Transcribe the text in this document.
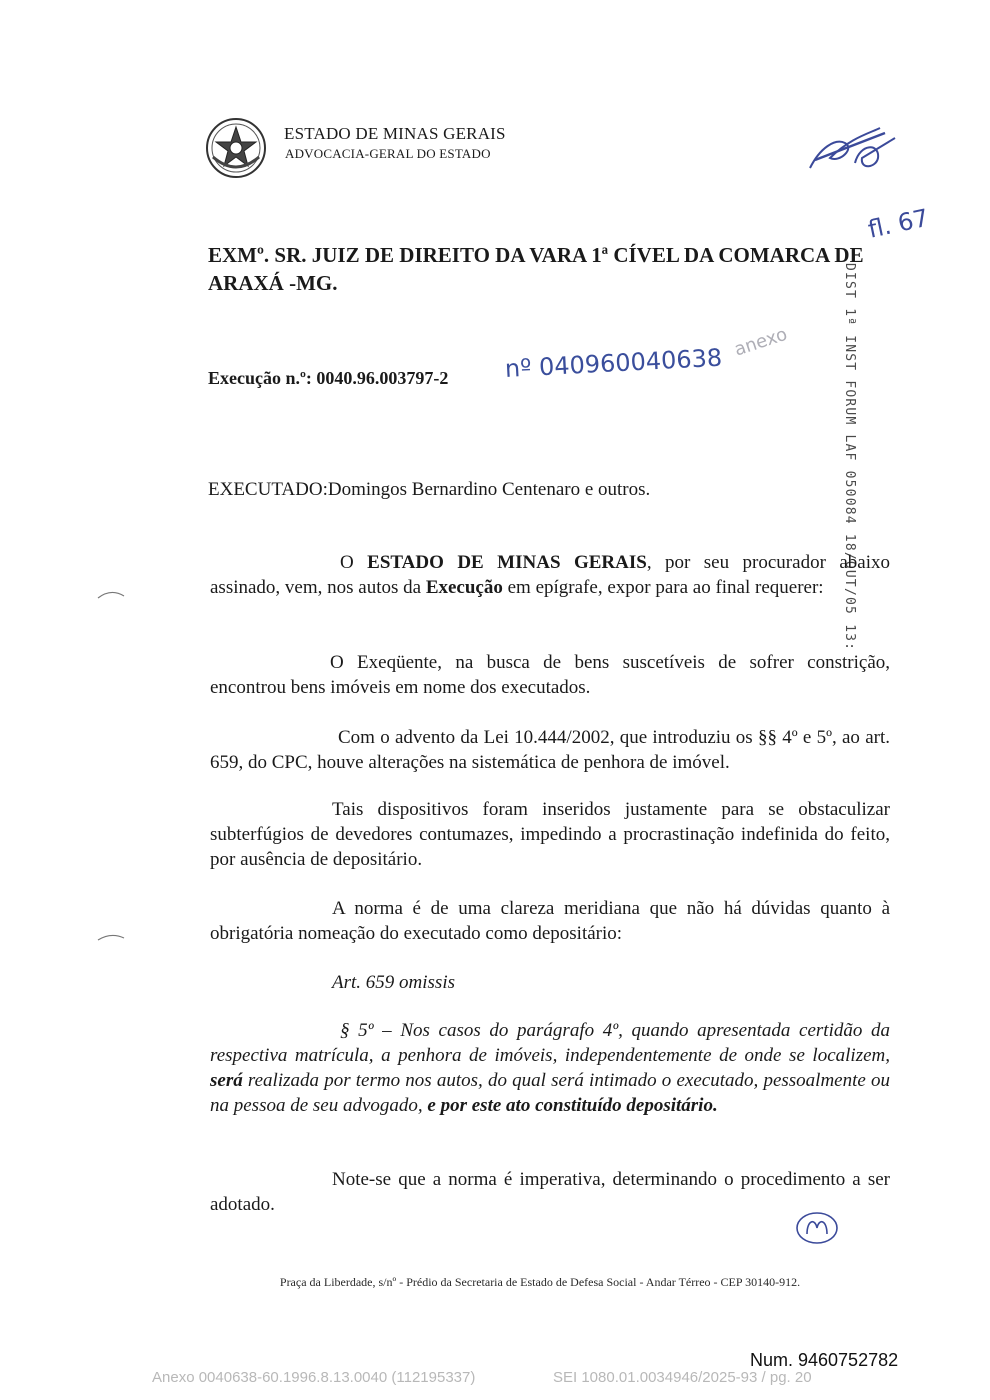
ESTADO DE MINAS GERAIS
ADVOCACIA-GERAL DO ESTADO
fl. 67
EXMº. SR. JUIZ DE DIREITO DA VARA 1ª CÍVEL DA COMARCA DE ARAXÁ -MG.
Execução n.º: 0040.96.003797-2 nº 040960040638
anexo	DIST 1ª INST FORUM LAF 050084 18/OUT/05 13:
EXECUTADO:Domingos Bernardino Centenaro e outros.
O ESTADO DE MINAS GERAIS, por seu procurador abaixo assinado, vem, nos autos da Execução em epígrafe, expor para ao final requerer:
O Exeqüente, na busca de bens suscetíveis de sofrer constrição, encontrou bens imóveis em nome dos executados.
Com o advento da Lei 10.444/2002, que introduziu os §§ 4º e 5º, ao art. 659, do CPC, houve alterações na sistemática de penhora de imóvel.
Tais dispositivos foram inseridos justamente para se obstaculizar subterfúgios de devedores contumazes, impedindo a procrastinação indefinida do feito, por ausência de depositário.
A norma é de uma clareza meridiana que não há dúvidas quanto à obrigatória nomeação do executado como depositário:
Art. 659 omissis
§ 5º – Nos casos do parágrafo 4º, quando apresentada certidão da respectiva matrícula, a penhora de imóveis, independentemente de onde se localizem, será realizada por termo nos autos, do qual será intimado o executado, pessoalmente ou na pessoa de seu advogado, e por este ato constituído depositário.
Note-se que a norma é imperativa, determinando o procedimento a ser adotado.
Praça da Liberdade, s/nº - Prédio da Secretaria de Estado de Defesa Social - Andar Térreo - CEP 30140-912.
Num. 9460752782
Anexo 0040638-60.1996.8.13.0040 (112195337)	SEI 1080.01.0034946/2025-93 / pg. 20
